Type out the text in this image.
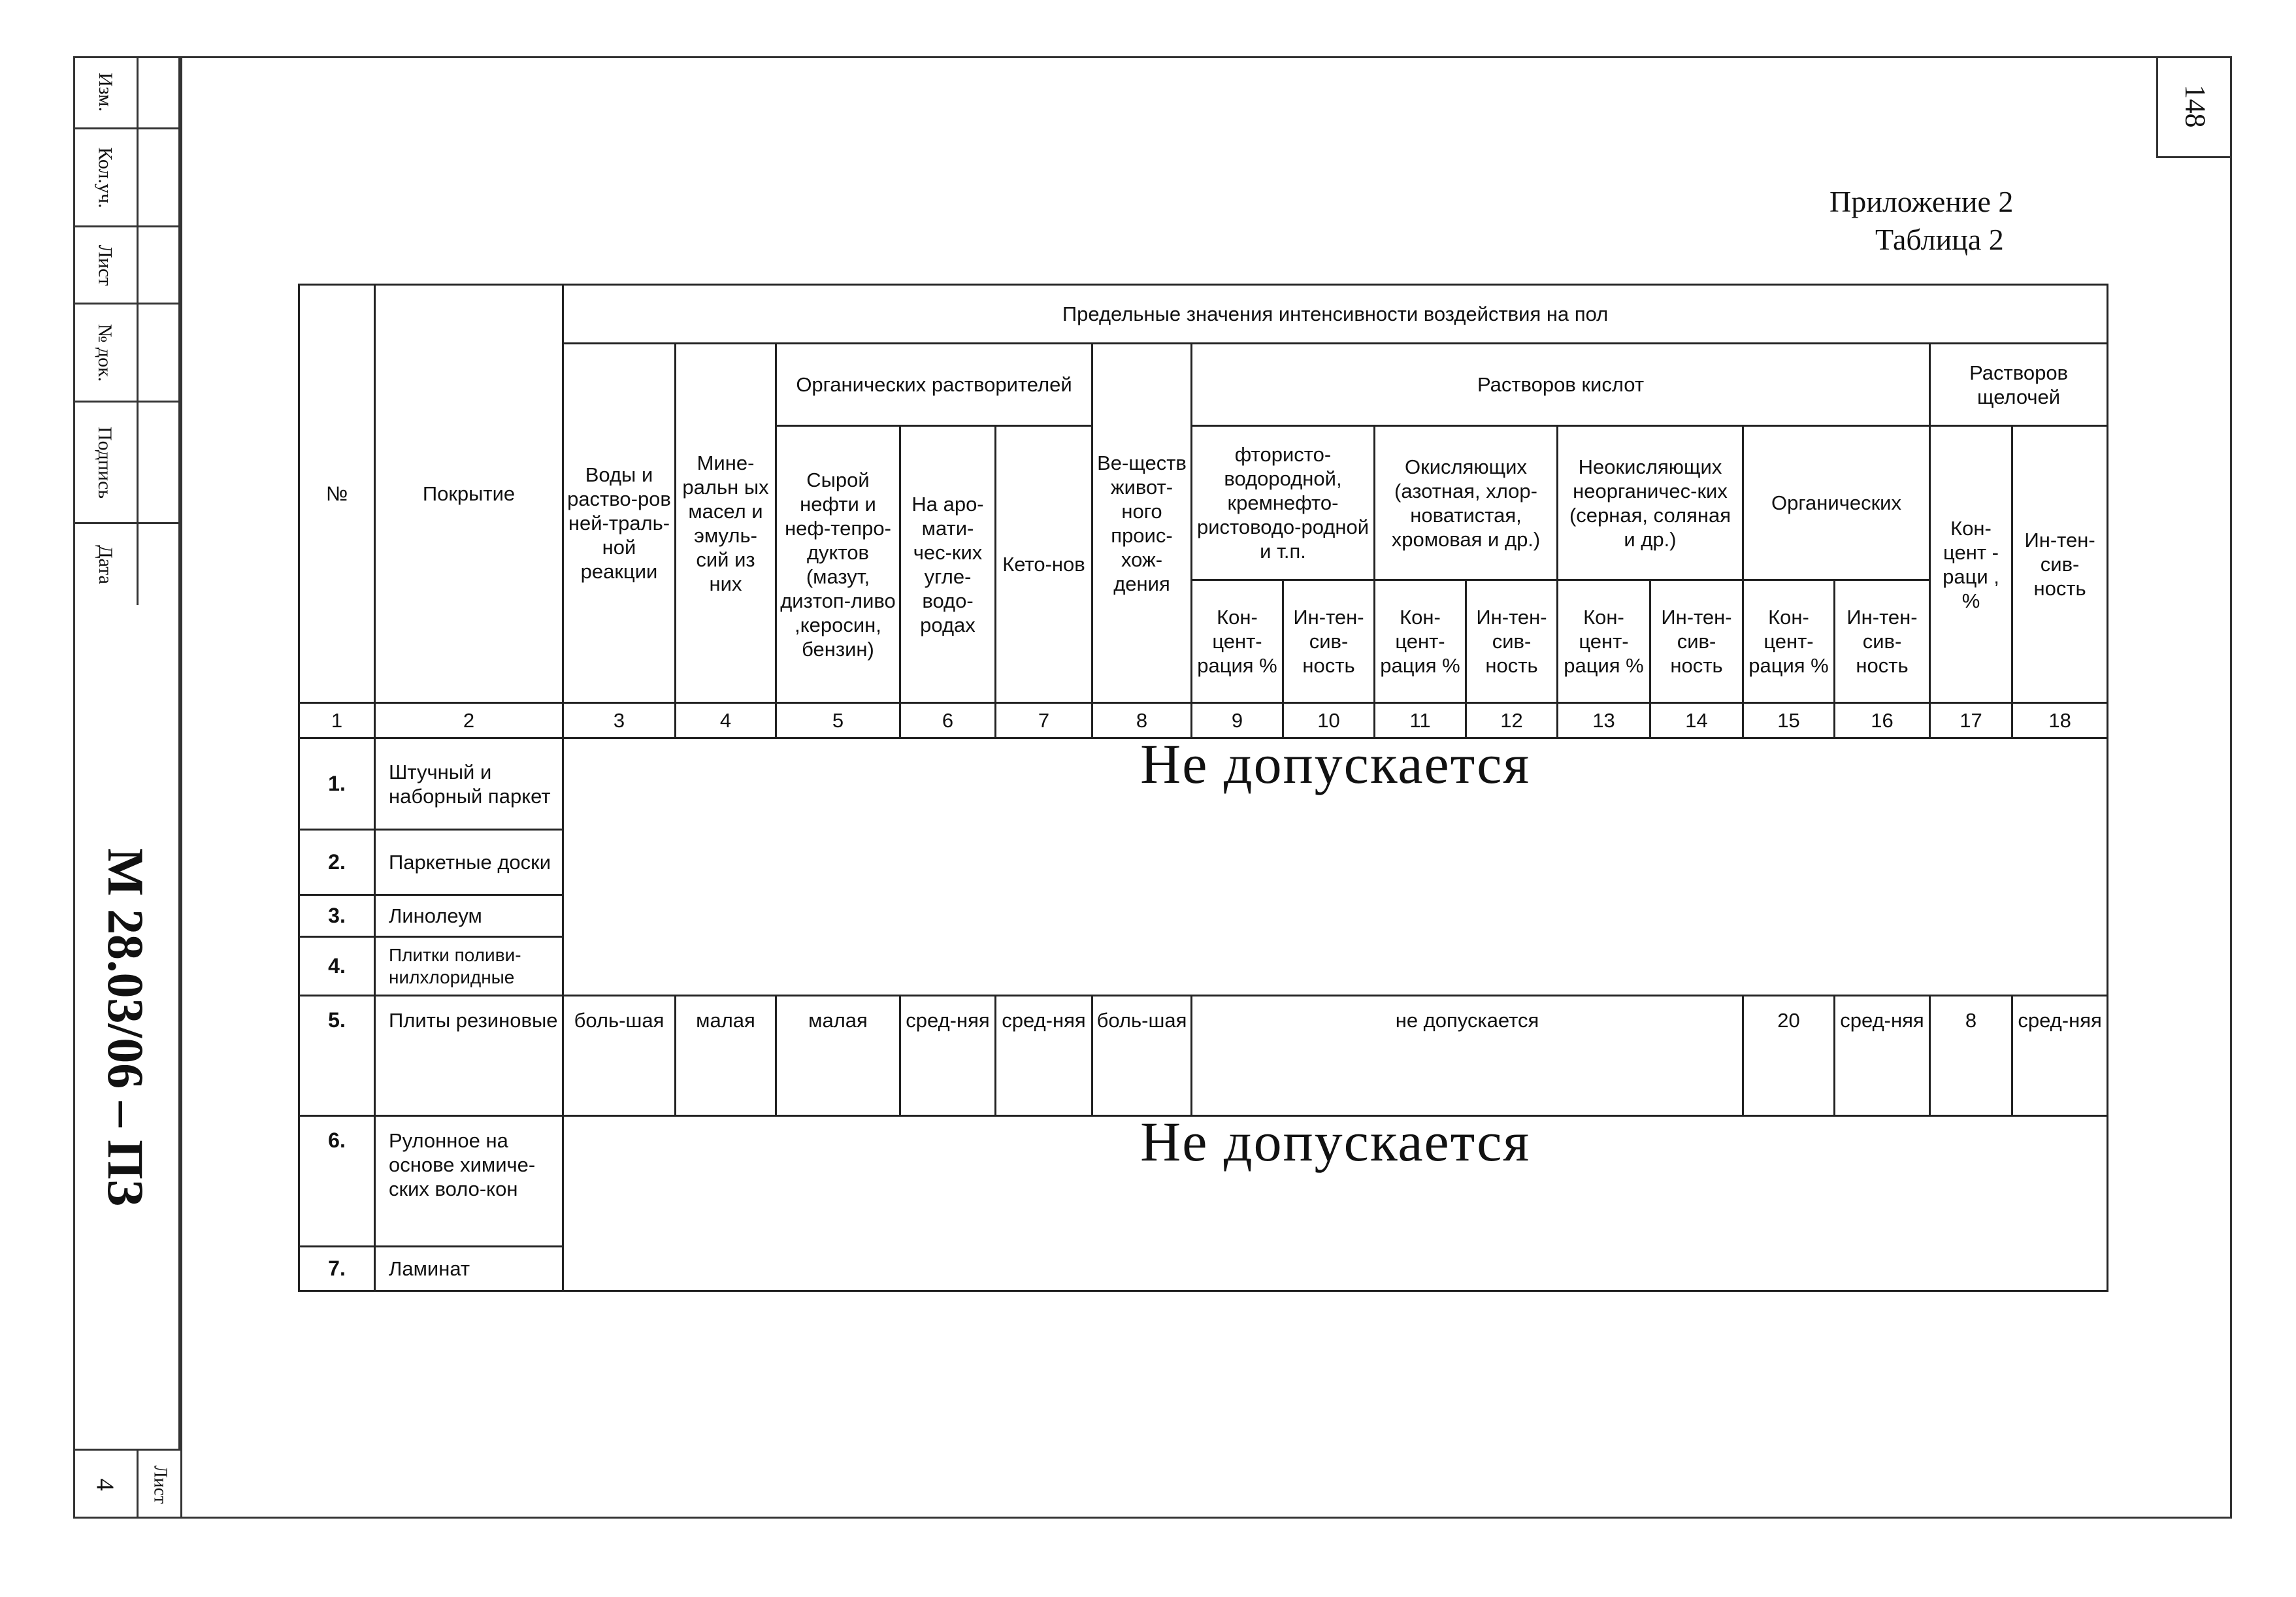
Изм.
Кол.уч.
Лист
№ док.
Подпись
Дата
М 28.03/06 – ПЗ
4 Лист
148
Приложение 2
Таблица 2
№	Покрытие	Предельные значения интенсивности воздействия на пол															
		Воды и раство-ров ней-траль-ной реакции	Мине-ральн ых масел и эмуль-сий из них	Органических растворителей			Ве-ществ живот-ного проис-хож-дения	Растворов кислот								Растворов щелочей	
				Сырой нефти и неф-тепро-дуктов (мазут, дизтоп-ливо ,керосин, бензин)	На аро-мати-чес-ких угле-водо-родах	Кето-нов		фтористо-водородной, кремнефто-ристоводо-родной и т.п.		Окисляющих (азотная, хлор-новатистая, хромовая и др.)		Неокисляющих неорганичес-ких (серная, соляная и др.)		Органических		Кон-цент - раци , %	Ин-тен-сив-ность
								Кон-цент-рация %	Ин-тен-сив-ность	Кон-цент-рация %	Ин-тен-сив-ность	Кон-цент-рация %	Ин-тен-сив-ность	Кон-цент-рация %	Ин-тен-сив-ность		
1	2	3	4	5	6	7	8	9	10	11	12	13	14	15	16	17	18
1.	Штучный и наборный паркет	Не допускается															
2.	Паркетные доски																
3.	Линолеум																
4.	Плитки поливи-нилхлоридные																
5.	Плиты резиновые	боль-шая	малая	малая	сред-няя	сред-няя	боль-шая	не допускается						20	сред-няя	8	сред-няя
6.	Рулонное на основе химиче-ских воло-кон	Не допускается															
7.	Ламинат																
